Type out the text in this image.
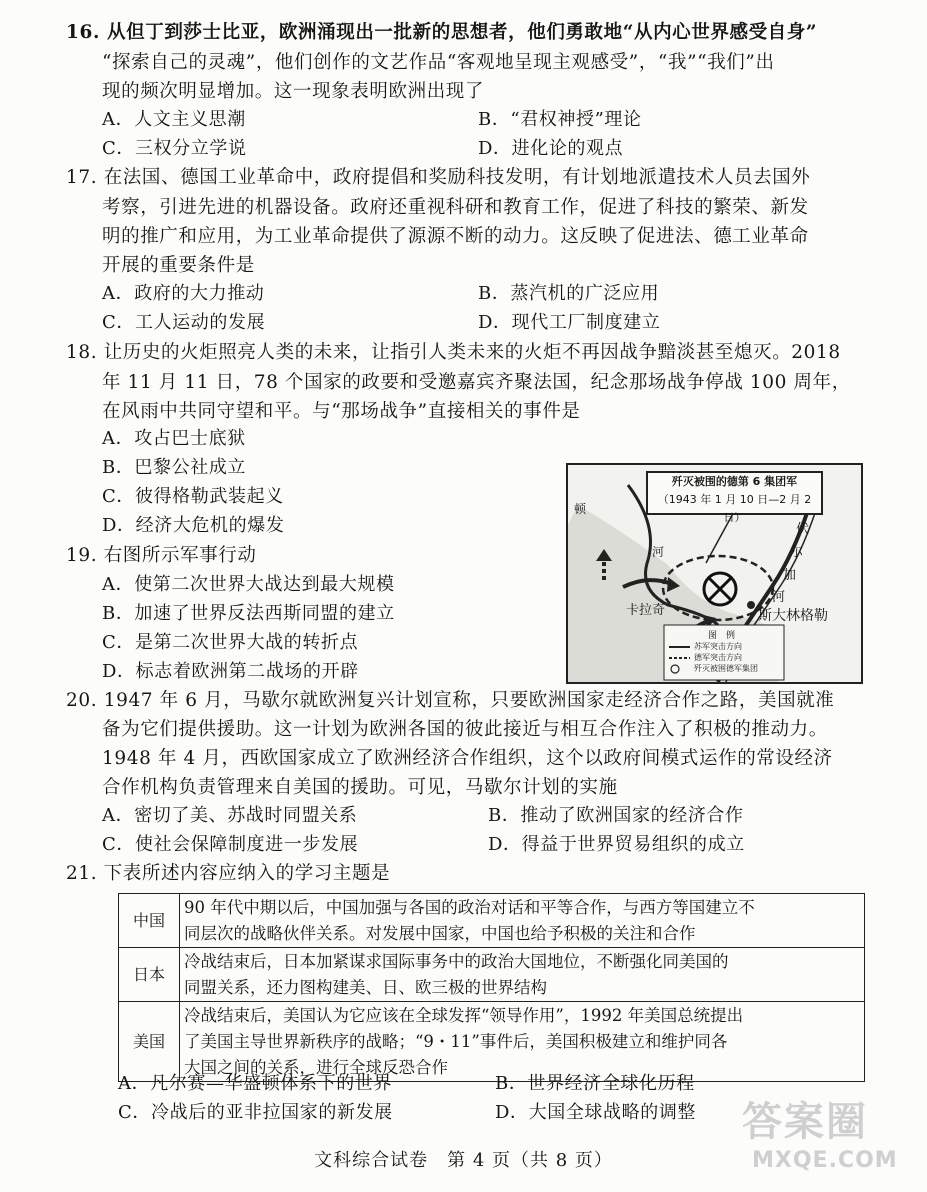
16. 从但丁到莎士比亚，欧洲涌现出一批新的思想者，他们勇敢地“从内心世界感受自身”
“探索自己的灵魂”，他们创作的文艺作品“客观地呈现主观感受”，“我”“我们”出
现的频次明显增加。这一现象表明欧洲出现了
A．人文主义思潮	B．“君权神授”理论
C．三权分立学说	D．进化论的观点
17. 在法国、德国工业革命中，政府提倡和奖励科技发明，有计划地派遣技术人员去国外
考察，引进先进的机器设备。政府还重视科研和教育工作，促进了科技的繁荣、新发
明的推广和应用，为工业革命提供了源源不断的动力。这反映了促进法、德工业革命
开展的重要条件是
A．政府的大力推动	B．蒸汽机的广泛应用
C．工人运动的发展	D．现代工厂制度建立
18. 让历史的火炬照亮人类的未来，让指引人类未来的火炬不再因战争黯淡甚至熄灭。2018
年 11 月 11 日，78 个国家的政要和受邀嘉宾齐聚法国，纪念那场战争停战 100 周年，
在风雨中共同守望和平。与“那场战争”直接相关的事件是
A．攻占巴士底狱
B．巴黎公社成立
C．彼得格勒武装起义
D．经济大危机的爆发
19. 右图所示军事行动
A．使第二次世界大战达到最大规模
B．加速了世界反法西斯同盟的建立
C．是第二次世界大战的转折点
D．标志着欧洲第二战场的开辟
歼灭被围的德第 6 集团军
（1943 年 1 月 10 日—2 月 2 日）
顿
河
伏
尔
加
河
卡拉奇	斯大林格勒
图　例
苏军突击方向
德军突击方向
歼灭被围德军集团
20. 1947 年 6 月，马歇尔就欧洲复兴计划宣称，只要欧洲国家走经济合作之路，美国就准
备为它们提供援助。这一计划为欧洲各国的彼此接近与相互合作注入了积极的推动力。
1948 年 4 月，西欧国家成立了欧洲经济合作组织，这个以政府间模式运作的常设经济
合作机构负责管理来自美国的援助。可见，马歇尔计划的实施
A．密切了美、苏战时同盟关系	B．推动了欧洲国家的经济合作
C．使社会保障制度进一步发展	D．得益于世界贸易组织的成立
21. 下表所述内容应纳入的学习主题是
中国	90 年代中期以后，中国加强与各国的政治对话和平等合作，与西方等国建立不
同层次的战略伙伴关系。对发展中国家，中国也给予积极的关注和合作

日本	冷战结束后，日本加紧谋求国际事务中的政治大国地位，不断强化同美国的
同盟关系，还力图构建美、日、欧三极的世界结构

美国	冷战结束后，美国认为它应该在全球发挥“领导作用”，1992 年美国总统提出
了美国主导世界新秩序的战略；“9・11”事件后，美国积极建立和维护同各
大国之间的关系，进行全球反恐合作
A．凡尔赛—华盛顿体系下的世界	B．世界经济全球化历程
C．冷战后的亚非拉国家的新发展	D．大国全球战略的调整
文科综合试卷　第 4 页（共 8 页）
答案圈
MXQE.COM
